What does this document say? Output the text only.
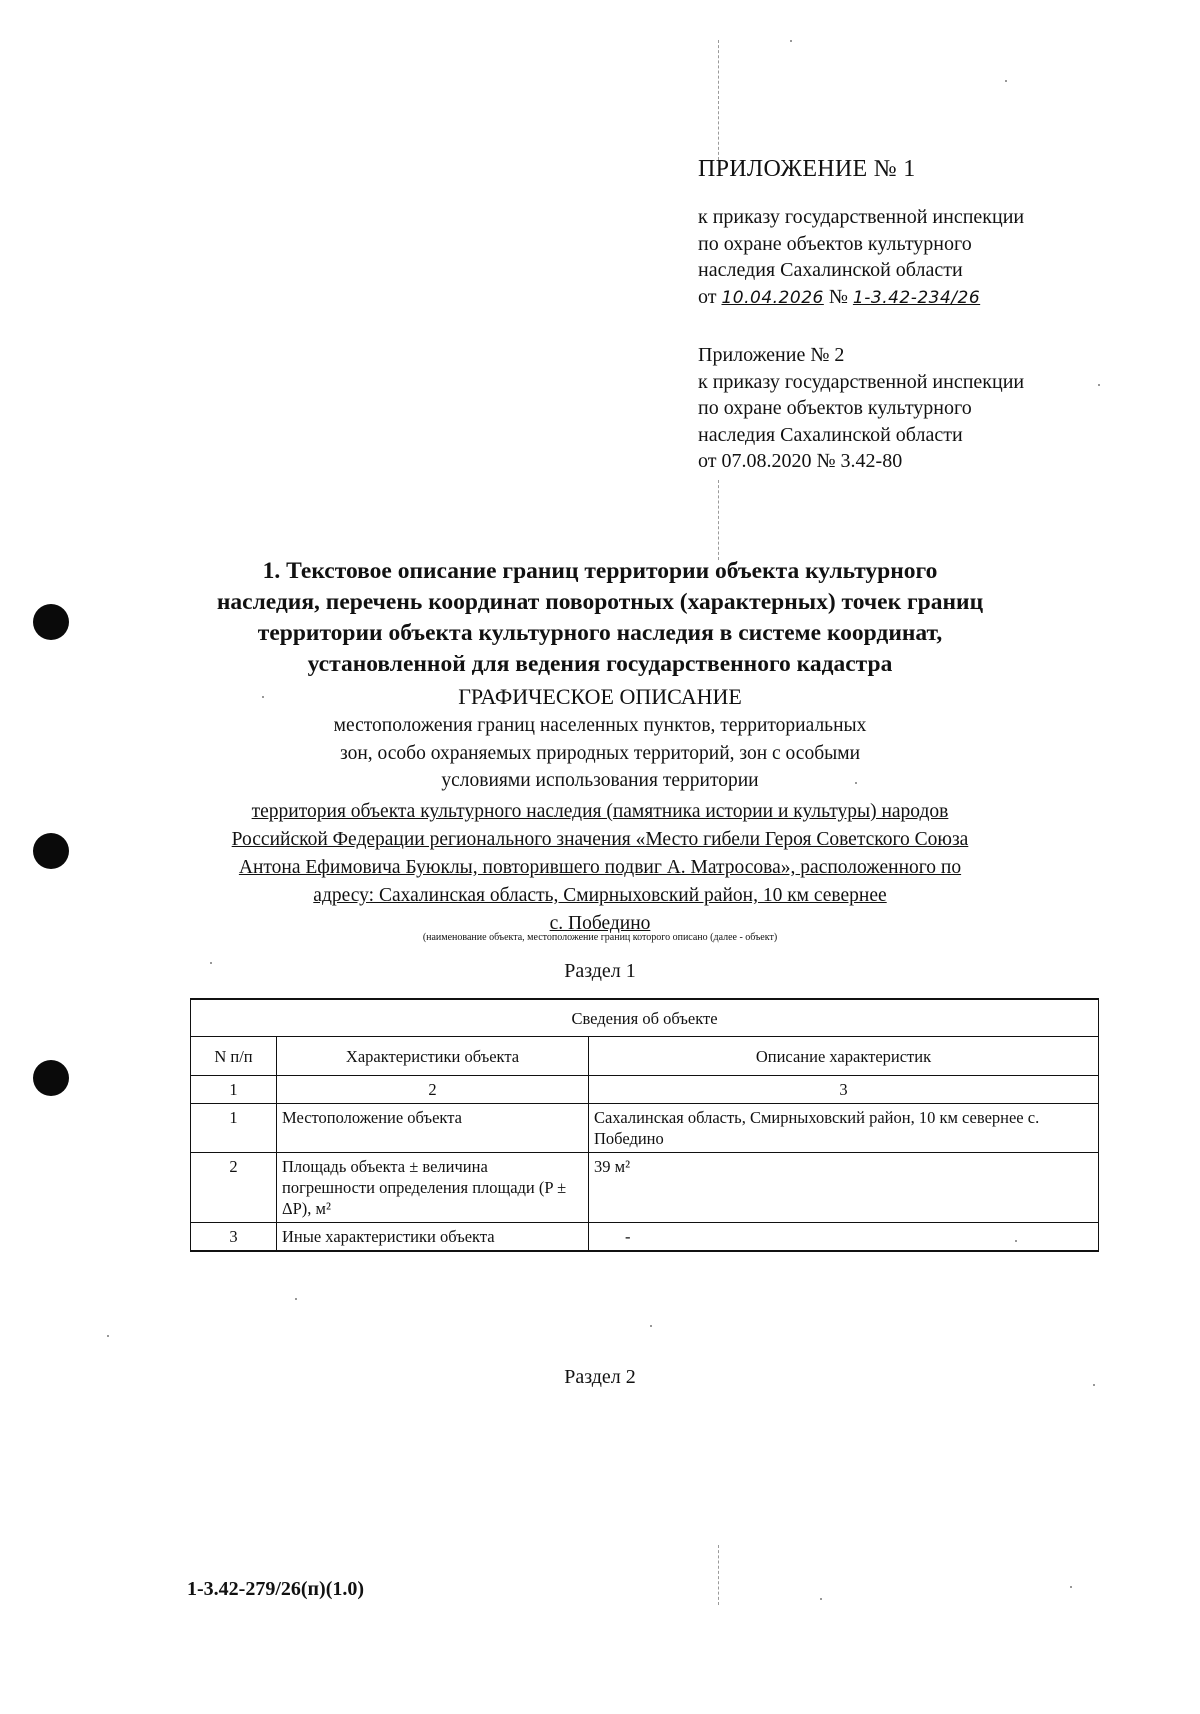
ПРИЛОЖЕНИЕ № 1
к приказу государственной инспекции
по охране объектов культурного
наследия Сахалинской области
от 10.04.2026 № 1-3.42-234/26
Приложение № 2
к приказу государственной инспекции
по охране объектов культурного
наследия Сахалинской области
от 07.08.2020 № 3.42-80
1. Текстовое описание границ территории объекта культурного
наследия, перечень координат поворотных (характерных) точек границ
территории объекта культурного наследия в системе координат,
установленной для ведения государственного кадастра
ГРАФИЧЕСКОЕ ОПИСАНИЕ
местоположения границ населенных пунктов, территориальных
зон, особо охраняемых природных территорий, зон с особыми
условиями использования территории
территория объекта культурного наследия (памятника истории и культуры) народов
Российской Федерации регионального значения «Место гибели Героя Советского Союза
Антона Ефимовича Буюклы, повторившего подвиг А. Матросова», расположенного по
адресу: Сахалинская область, Смирныховский район, 10 км севернее
с. Победино
(наименование объекта, местоположение границ которого описано (далее - объект)
Раздел 1
Сведения об объекте		
N п/п	Характеристики объекта	Описание характеристик
1	2	3
1	Местоположение объекта	Сахалинская область, Смирныховский район, 10 км севернее с. Победино
2	Площадь объекта ± величина погрешности определения площади (P ± ΔP), м²	39 м²
3	Иные характеристики объекта	-
Раздел 2
1-3.42-279/26(п)(1.0)
